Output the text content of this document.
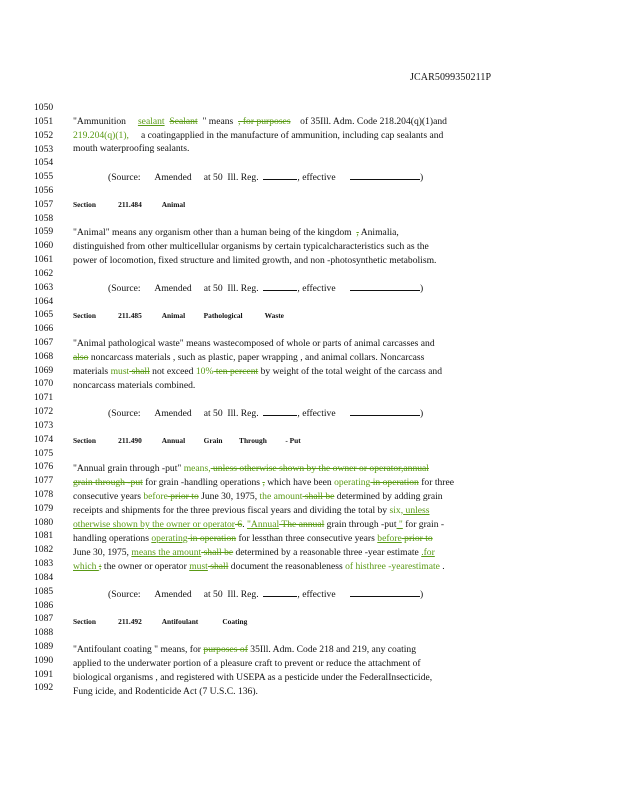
JCAR5099350211P
1050
1051
1052
1053
1054
1055
1056
1057
1058
1059
1060
1061
1062
1063
1064
1065
1066
1067
1068
1069
1070
1071
1072
1073
1074
1075
1076
1077
1078
1079
1080
1081
1082
1083
1084
1085
1086
1087
1088
1089
1090
1091
1092
"Ammunition sealant Sealant " means , for purposes of 35Ill. Adm. Code 218.204(q)(1)and
219.204(q)(1), a coatingapplied in the manufacture of ammunition, including cap sealants and
mouth waterproofing sealants.
(Source: Amended at 50 Ill. Reg.	, effective	)
Section	211.484	Animal
"Animal" means any organism other than a human being of the kingdom , Animalia,
distinguished from other multicellular organisms by certain typicalcharacteristics such as the
power of locomotion, fixed structure and limited growth, and non -photosynthetic metabolism.
(Source: Amended at 50 Ill. Reg.	, effective	)
Section	211.485	Animal Pathological	Waste
"Animal pathological waste" means wastecomposed of whole or parts of animal carcasses and
also noncarcass materials , such as plastic, paper wrapping , and animal collars. Noncarcass
materials must shall not exceed 10% ten percent by weight of the total weight of the carcass and
noncarcass materials combined.
(Source: Amended at 50 Ill. Reg.	, effective	)
Section	211.490	Annual Grain Through - Put
"Annual grain through -put" means, unless otherwise shown by the owner or operator,annual
grain through -put for grain -handling operations , which have been operating in operation for three
consecutive years before prior to June 30, 1975, the amount shall be determined by adding grain
receipts and shipments for the three previous fiscal years and dividing the total by six, unless
otherwise shown by the owner or operator 6. "Annual The annual grain through -put " for grain -
handling operations operating in operation for lessthan three consecutive years before prior to
June 30, 1975, means the amount shall be determined by a reasonable three -year estimate .for
which ; the owner or operator must shall document the reasonableness of histhree -yearestimate .
(Source: Amended at 50 Ill. Reg.	, effective	)
Section	211.492	Antifoulant	Coating
"Antifoulant coating " means, for purposes of 35Ill. Adm. Code 218 and 219, any coating
applied to the underwater portion of a pleasure craft to prevent or reduce the attachment of
biological organisms , and registered with USEPA as a pesticide under the FederalInsecticide,
Fung icide, and Rodenticide Act (7 U.S.C. 136).
